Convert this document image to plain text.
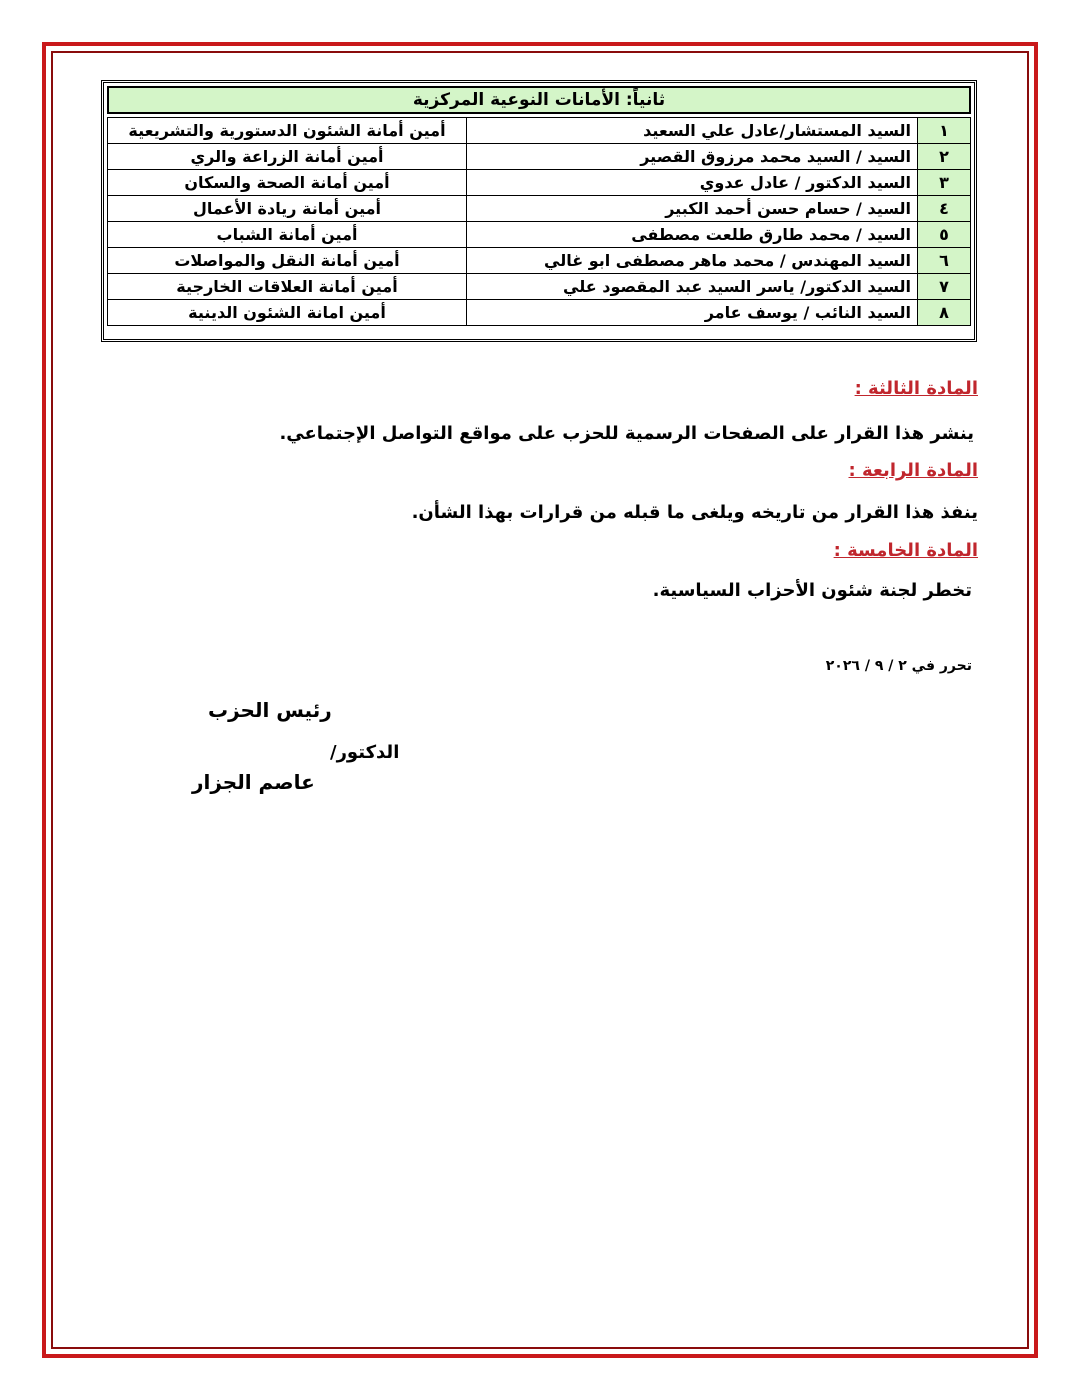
ثانياً: الأمانات النوعية المركزية
١	السيد المستشار/عادل علي السعيد	أمين أمانة الشئون الدستورية والتشريعية
٢	السيد / السيد محمد مرزوق القصير	أمين أمانة الزراعة والري
٣	السيد الدكتور / عادل عدوي	أمين أمانة الصحة والسكان
٤	السيد / حسام حسن أحمد الكبير	أمين أمانة ريادة الأعمال
٥	السيد / محمد طارق طلعت مصطفى	أمين أمانة الشباب
٦	السيد المهندس / محمد ماهر مصطفى ابو غالي	أمين أمانة النقل والمواصلات
٧	السيد الدكتور/ ياسر السيد عبد المقصود علي	أمين أمانة العلاقات الخارجية
٨	السيد النائب / يوسف عامر	أمين امانة الشئون الدينية
المادة الثالثة :
ينشر هذا القرار على الصفحات الرسمية للحزب على مواقع التواصل الإجتماعي.
المادة الرابعة :
ينفذ هذا القرار من تاريخه ويلغى ما قبله من قرارات بهذا الشأن.
المادة الخامسة :
تخطر لجنة شئون الأحزاب السياسية.
تحرر في ٢ / ٩ / ٢٠٢٦
رئيس الحزب
الدكتور/
عاصم الجزار
